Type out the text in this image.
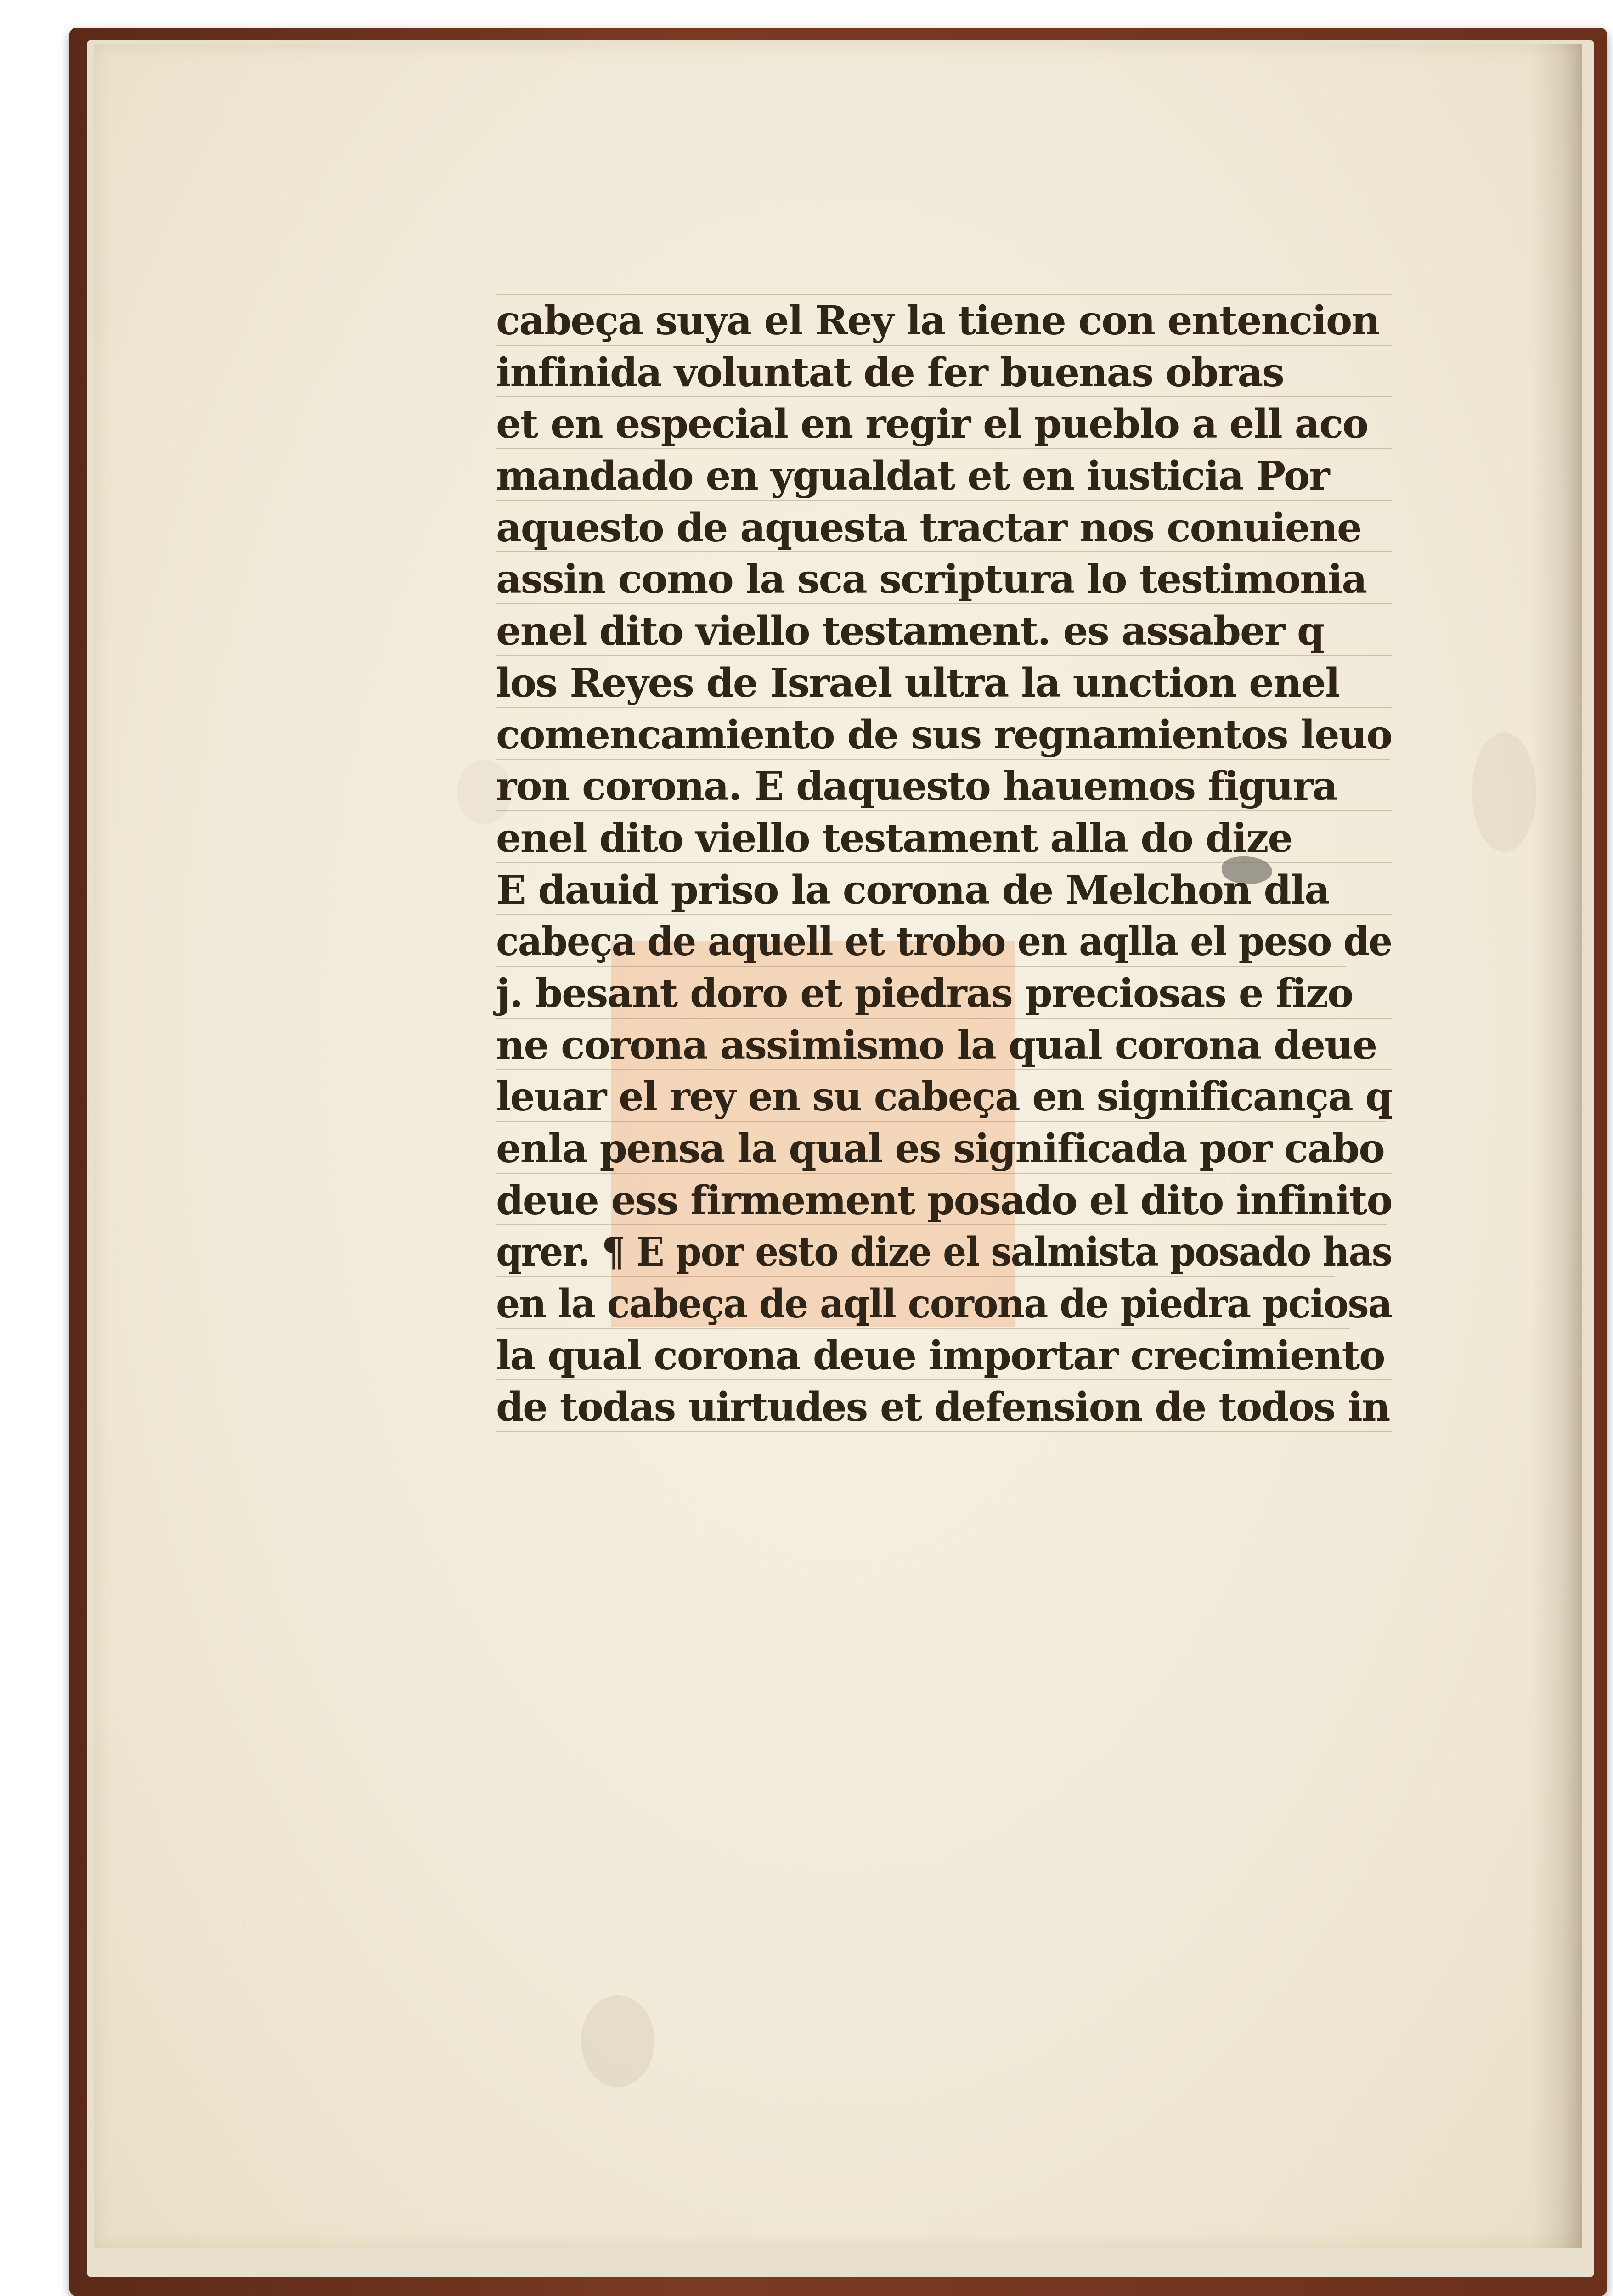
cabeça suya el Rey la tiene con entencion
infinida voluntat de fer buenas obras
et en especial en regir el pueblo a ell aco
mandado en ygualdat et en iusticia Por
aquesto de aquesta tractar nos conuiene
assin como la sca scriptura lo testimonia
enel dito viello testament. es assaber q
los Reyes de Israel ultra la unction enel
comencamiento de sus regnamientos leuo
ron corona. E daquesto hauemos figura
enel dito viello testament alla do dize
E dauid priso la corona de Melchon dla
cabeça de aquell et trobo en aqlla el peso de
j. besant doro et piedras preciosas e fizo
ne corona assimismo la qual corona deue
leuar el rey en su cabeça en significança q
enla pensa la qual es significada por cabo
deue ess firmement posado el dito infinito
qrer. ¶ E por esto dize el salmista posado has
en la cabeça de aqll corona de piedra pciosa
la qual corona deue importar crecimiento
de todas uirtudes et defension de todos in
